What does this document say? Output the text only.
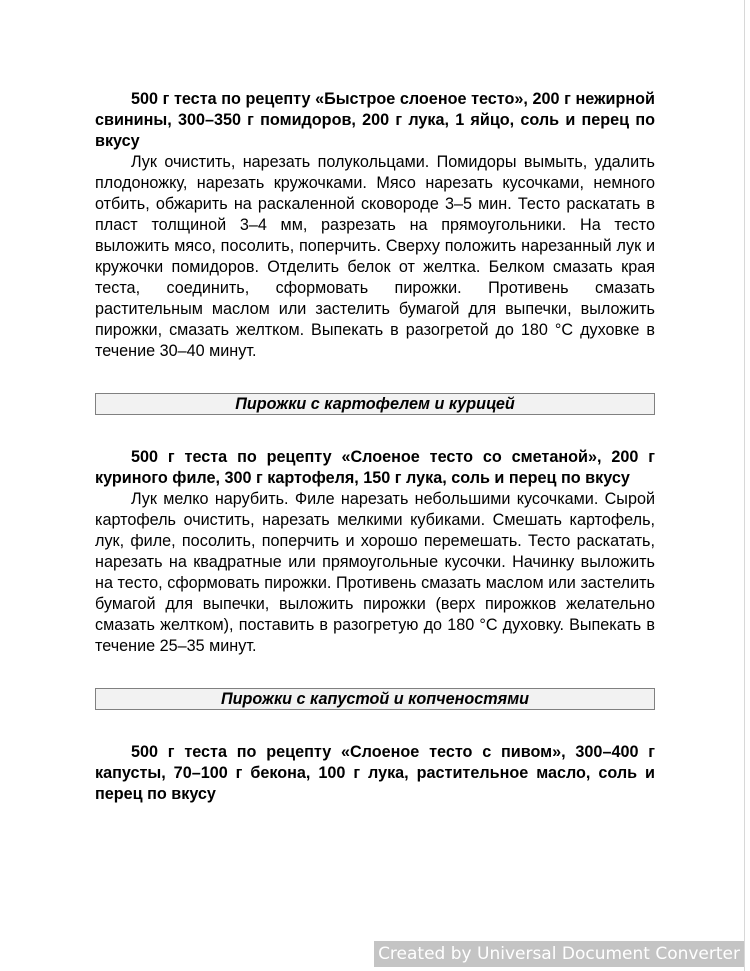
500 г теста по рецепту «Быстрое слоеное тесто», 200 г нежирной свинины, 300–350 г помидоров, 200 г лука, 1 яйцо, соль и перец по вкусу

Лук очистить, нарезать полукольцами. Помидоры вымыть, удалить плодоножку, нарезать кружочками. Мясо нарезать кусочками, немного отбить, обжарить на раскаленной сковороде 3–5 мин. Тесто раскатать в пласт толщиной 3–4 мм, разрезать на прямоугольники. На тесто выложить мясо, посолить, поперчить. Сверху положить нарезанный лук и кружочки помидоров. Отделить белок от желтка. Белком смазать края теста, соединить, сформовать пирожки. Противень смазать растительным маслом или застелить бумагой для выпечки, выложить пирожки, смазать желтком. Выпекать в разогретой до 180 °С духовке в течение 30–40 минут.

Пирожки с картофелем и курицей

500 г теста по рецепту «Слоеное тесто со сметаной», 200 г куриного филе, 300 г картофеля, 150 г лука, соль и перец по вкусу

Лук мелко нарубить. Филе нарезать небольшими кусочками. Сырой картофель очистить, нарезать мелкими кубиками. Смешать картофель, лук, филе, посолить, поперчить и хорошо перемешать. Тесто раскатать, нарезать на квадратные или прямоугольные кусочки. Начинку выложить на тесто, сформовать пирожки. Противень смазать маслом или застелить бумагой для выпечки, выложить пирожки (верх пирожков желательно смазать желтком), поставить в разогретую до 180 °С духовку. Выпекать в течение 25–35 минут.

Пирожки с капустой и копченостями

500 г теста по рецепту «Слоеное тесто с пивом», 300–400 г капусты, 70–100 г бекона, 100 г лука, растительное масло, соль и перец по вкусу

Created by Universal Document Converter
